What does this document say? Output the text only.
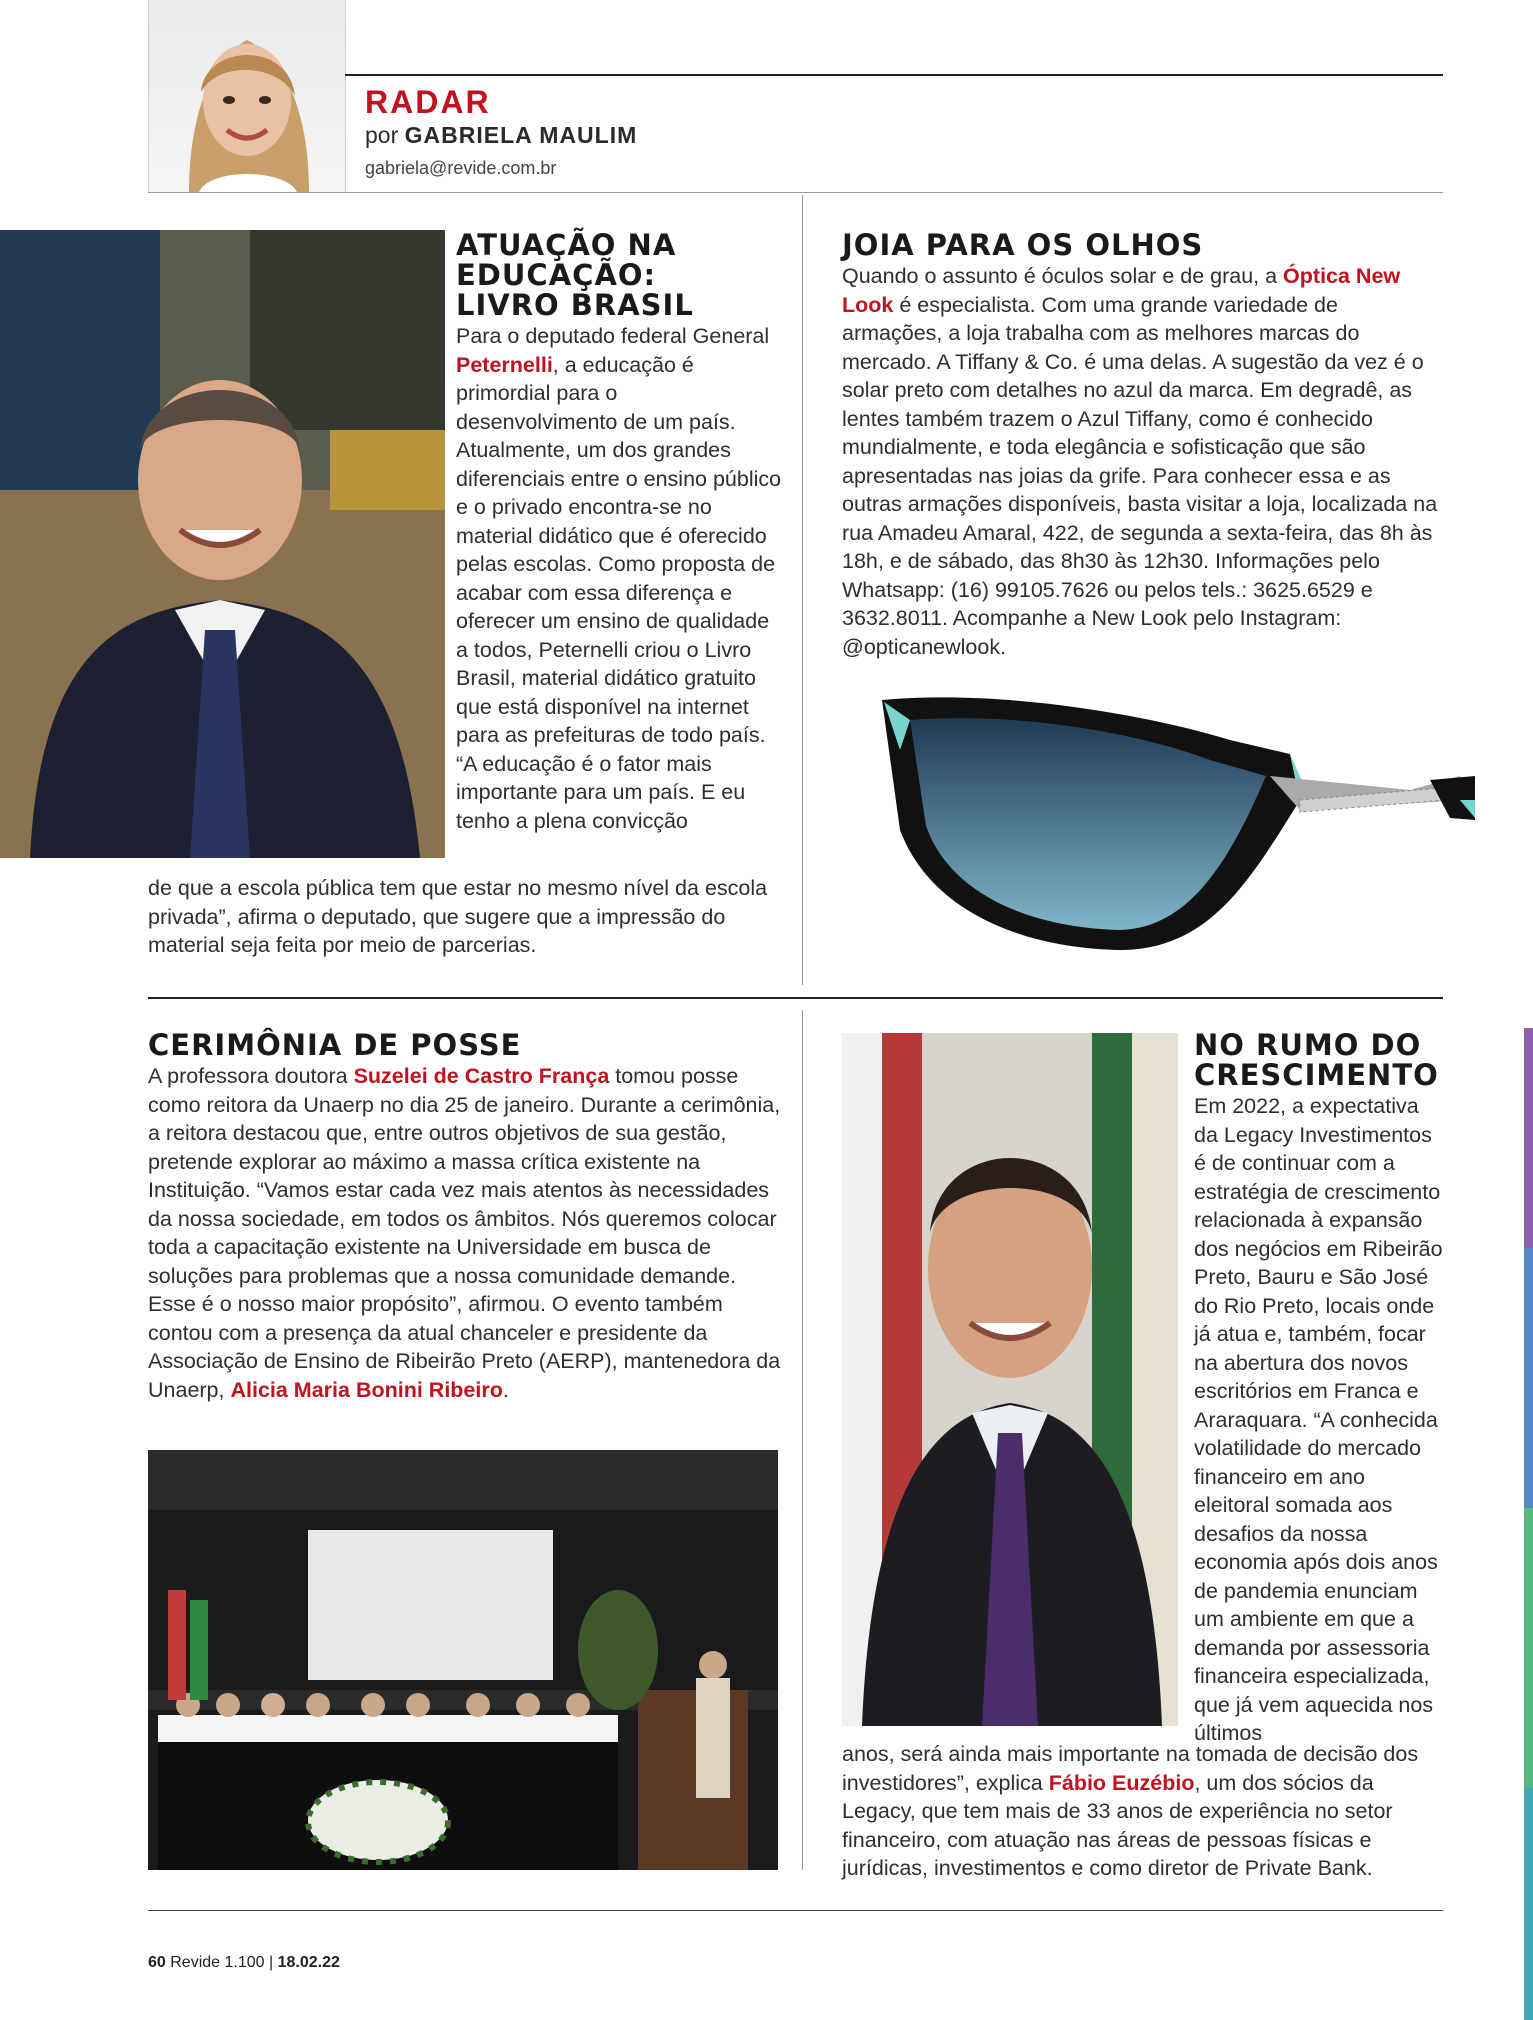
RADAR
por GABRIELA MAULIM
gabriela@revide.com.br

ATUAÇÃO NA

EDUCAÇÃO:

LIVRO BRASIL

Para o deputado federal General Peternelli, a educação é primordial para o desenvolvimento de um país. Atualmente, um dos grandes diferenciais entre o ensino público e o privado encontra-se no material didático que é oferecido pelas escolas. Como proposta de acabar com essa diferença e oferecer um ensino de qualidade a todos, Peternelli criou o Livro Brasil, material didático gratuito que está disponível na internet para as prefeituras de todo país. “A educação é o fator mais importante para um país. E eu tenho a plena convicção

de que a escola pública tem que estar no mesmo nível da escola privada”, afirma o deputado, que sugere que a impressão do material seja feita por meio de parcerias.

JOIA PARA OS OLHOS

Quando o assunto é óculos solar e de grau, a Óptica New Look é especialista. Com uma grande variedade de armações, a loja trabalha com as melhores marcas do mercado. A Tiffany & Co. é uma delas. A sugestão da vez é o solar preto com detalhes no azul da marca. Em degradê, as lentes também trazem o Azul Tiffany, como é conhecido mundialmente, e toda elegância e sofisticação que são apresentadas nas joias da grife. Para conhecer essa e as outras armações disponíveis, basta visitar a loja, localizada na rua Amadeu Amaral, 422, de segunda a sexta-feira, das 8h às 18h, e de sábado, das 8h30 às 12h30. Informações pelo Whatsapp: (16) 99105.7626 ou pelos tels.: 3625.6529 e 3632.8011. Acompanhe a New Look pelo Instagram: @opticanewlook.

CERIMÔNIA DE POSSE

A professora doutora Suzelei de Castro França tomou posse como reitora da Unaerp no dia 25 de janeiro. Durante a cerimônia, a reitora destacou que, entre outros objetivos de sua gestão, pretende explorar ao máximo a massa crítica existente na Instituição. “Vamos estar cada vez mais atentos às necessidades da nossa sociedade, em todos os âmbitos. Nós queremos colocar toda a capacitação existente na Universidade em busca de soluções para problemas que a nossa comunidade demande. Esse é o nosso maior propósito”, afirmou. O evento também contou com a presença da atual chanceler e presidente da Associação de Ensino de Ribeirão Preto (AERP), mantenedora da Unaerp, Alicia Maria Bonini Ribeiro.

NO RUMO DO

CRESCIMENTO

Em 2022, a expectativa da Legacy Investimentos é de continuar com a estratégia de crescimento relacionada à expansão dos negócios em Ribeirão Preto, Bauru e São José do Rio Preto, locais onde já atua e, também, focar na abertura dos novos escritórios em Franca e Araraquara. “A conhecida volatilidade do mercado financeiro em ano eleitoral somada aos desafios da nossa economia após dois anos de pandemia enunciam um ambiente em que a demanda por assessoria financeira especializada, que já vem aquecida nos últimos

anos, será ainda mais importante na tomada de decisão dos investidores”, explica Fábio Euzébio, um dos sócios da Legacy, que tem mais de 33 anos de experiência no setor financeiro, com atuação nas áreas de pessoas físicas e jurídicas, investimentos e como diretor de Private Bank.

60 Revide 1.100 | 18.02.22
